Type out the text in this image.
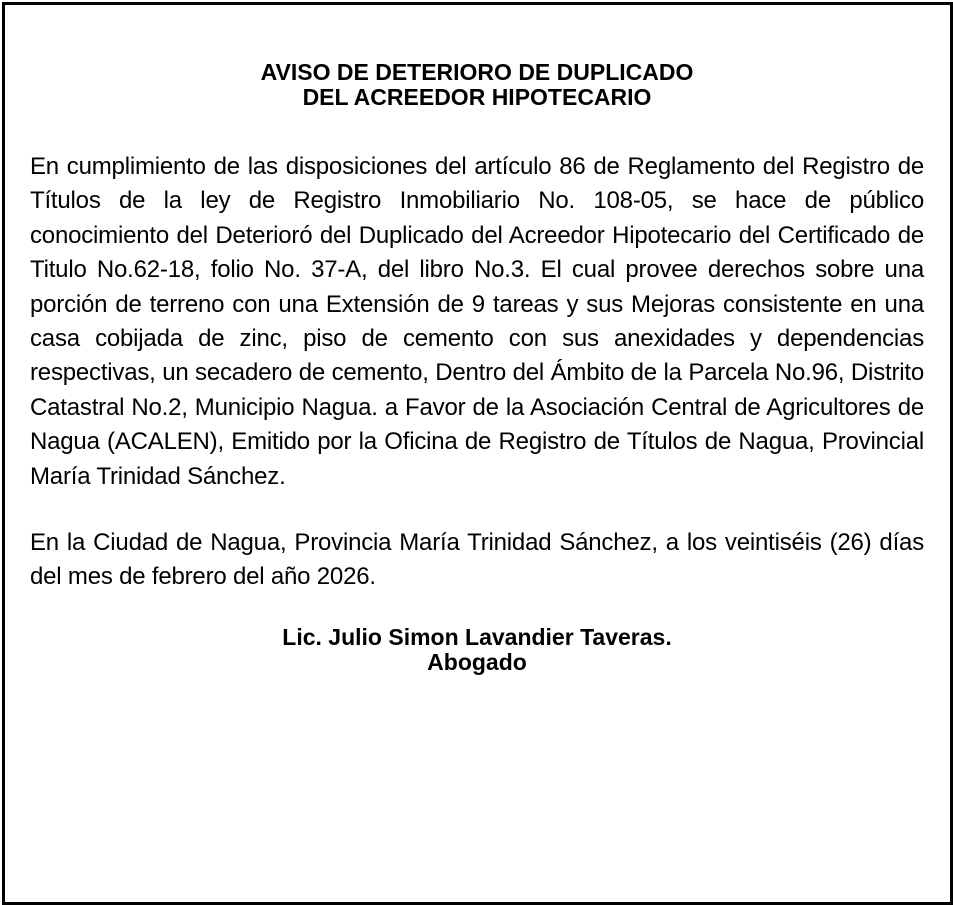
AVISO DE DETERIORO DE DUPLICADO
DEL ACREEDOR HIPOTECARIO

En cumplimiento de las disposiciones del artículo 86 de Reglamento del Registro de Títulos de la ley de Registro Inmobiliario No. 108-05, se hace de público conocimiento del Deterioró del Duplicado del Acreedor Hipotecario del Certificado de Titulo No.62-18, folio No. 37-A, del libro No.3. El cual provee derechos sobre una porción de terreno con una Extensión de 9 tareas y sus Mejoras consistente en una casa cobijada de zinc, piso de cemento con sus anexidades y dependencias respectivas, un secadero de cemento, Dentro del Ámbito de la Parcela No.96, Distrito Catastral No.2, Municipio Nagua. a Favor de la Asociación Central de Agricultores de Nagua (ACALEN), Emitido por la Oficina de Registro de Títulos de Nagua, Provincial María Trinidad Sánchez.

En la Ciudad de Nagua, Provincia María Trinidad Sánchez, a los veintiséis (26) días del mes de febrero del año 2026.

Lic. Julio Simon Lavandier Taveras.
Abogado
